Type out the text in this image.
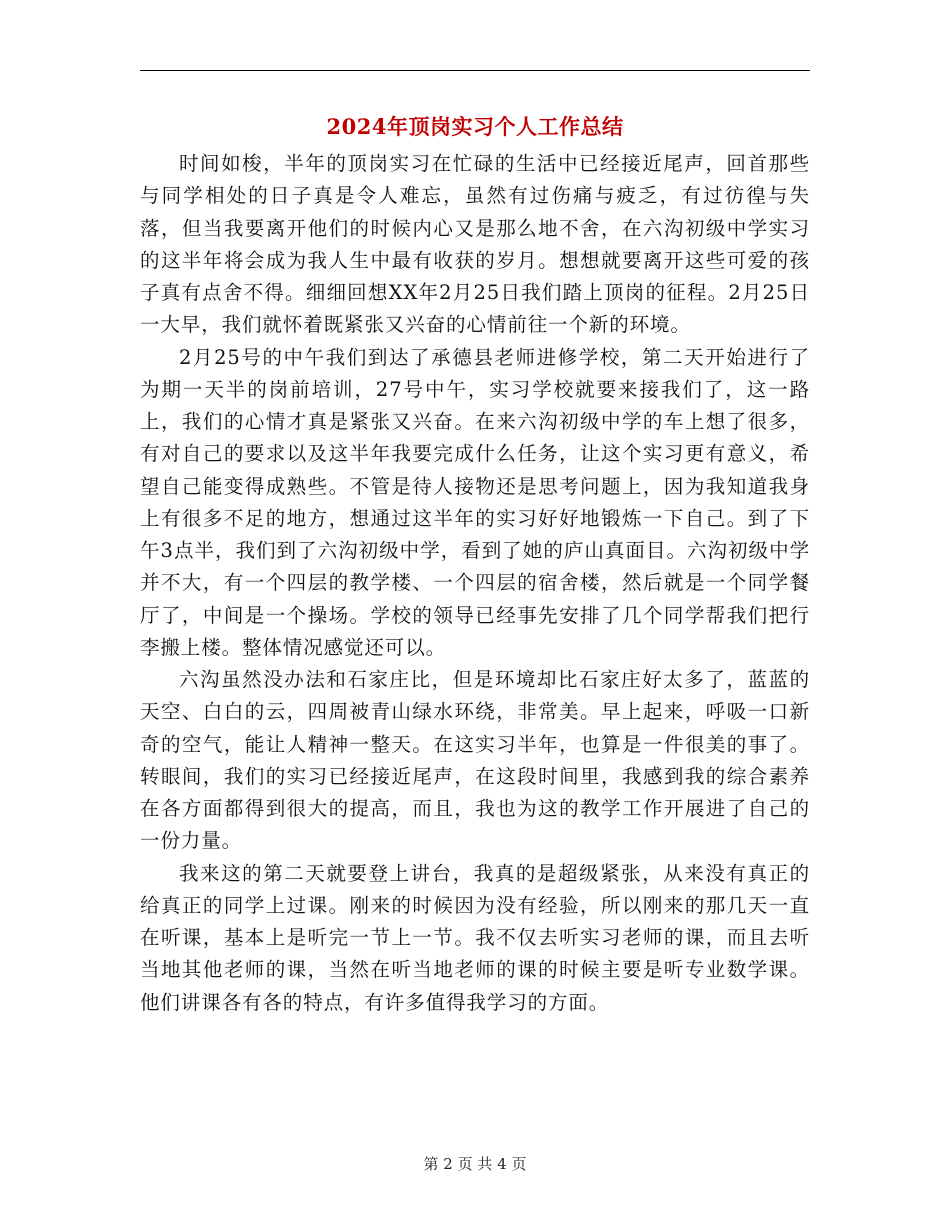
2024年顶岗实习个人工作总结

时间如梭，半年的顶岗实习在忙碌的生活中已经接近尾声，回首那些与同学相处的日子真是令人难忘，虽然有过伤痛与疲乏，有过彷徨与失落，但当我要离开他们的时候内心又是那么地不舍，在六沟初级中学实习的这半年将会成为我人生中最有收获的岁月。想想就要离开这些可爱的孩子真有点舍不得。细细回想XX年2月25日我们踏上顶岗的征程。2月25日一大早，我们就怀着既紧张又兴奋的心情前往一个新的环境。

2月25号的中午我们到达了承德县老师进修学校，第二天开始进行了为期一天半的岗前培训，27号中午，实习学校就要来接我们了，这一路上，我们的心情才真是紧张又兴奋。在来六沟初级中学的车上想了很多，有对自己的要求以及这半年我要完成什么任务，让这个实习更有意义，希望自己能变得成熟些。不管是待人接物还是思考问题上，因为我知道我身上有很多不足的地方，想通过这半年的实习好好地锻炼一下自己。到了下午3点半，我们到了六沟初级中学，看到了她的庐山真面目。六沟初级中学并不大，有一个四层的教学楼、一个四层的宿舍楼，然后就是一个同学餐厅了，中间是一个操场。学校的领导已经事先安排了几个同学帮我们把行李搬上楼。整体情况感觉还可以。

六沟虽然没办法和石家庄比，但是环境却比石家庄好太多了，蓝蓝的天空、白白的云，四周被青山绿水环绕，非常美。早上起来，呼吸一口新奇的空气，能让人精神一整天。在这实习半年，也算是一件很美的事了。转眼间，我们的实习已经接近尾声，在这段时间里，我感到我的综合素养在各方面都得到很大的提高，而且，我也为这的教学工作开展进了自己的一份力量。

我来这的第二天就要登上讲台，我真的是超级紧张，从来没有真正的给真正的同学上过课。刚来的时候因为没有经验，所以刚来的那几天一直在听课，基本上是听完一节上一节。我不仅去听实习老师的课，而且去听当地其他老师的课，当然在听当地老师的课的时候主要是听专业数学课。他们讲课各有各的特点，有许多值得我学习的方面。

第 2 页 共 4 页
